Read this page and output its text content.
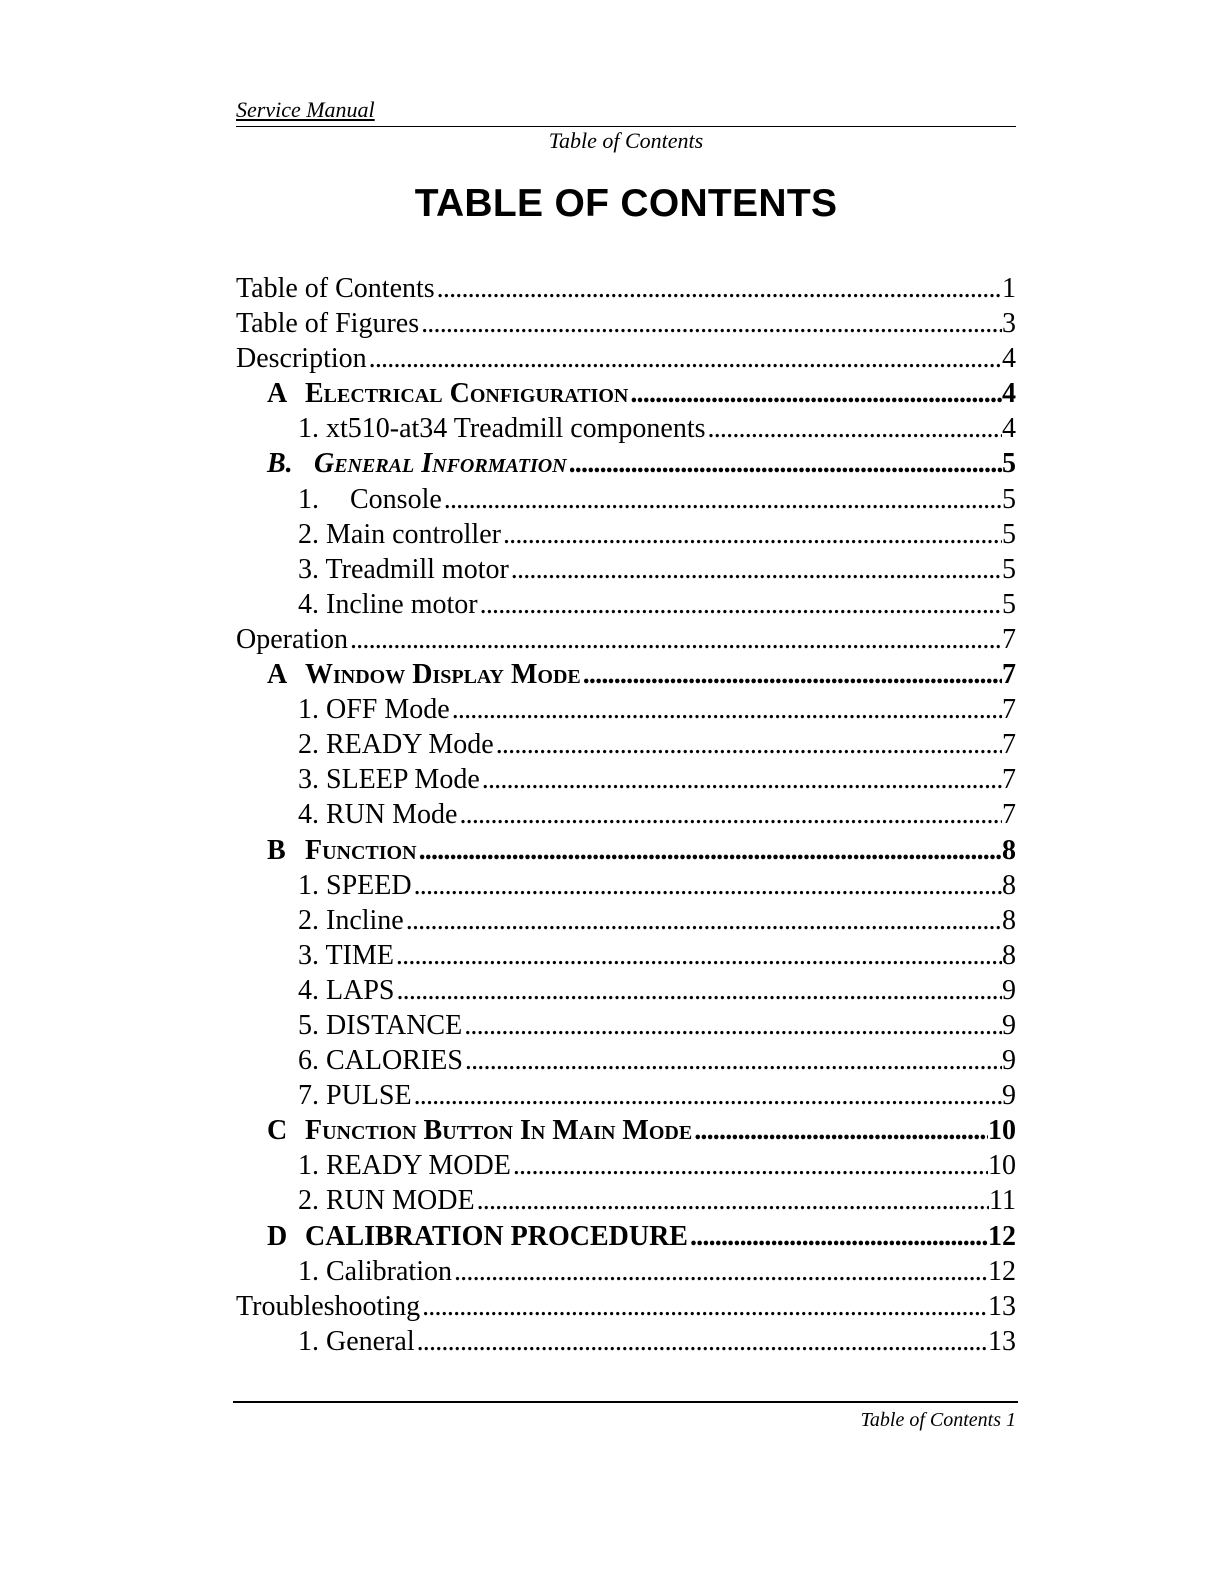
Service Manual
Table of Contents
TABLE OF CONTENTS
Table of Contents . . .	1
Table of Figures . . .	3
Description . . .	4
A Electrical Configuration . . .	4
1. xt510-at34 Treadmill components . . .	4
B. General Information . . .	5
1. Console . . .	5
2. Main controller . . .	5
3. Treadmill motor . . .	5
4. Incline motor . . .	5
Operation . . .	7
A Window Display Mode . . .	7
1. OFF Mode . . .	7
2. READY Mode . . .	7
3. SLEEP Mode . . .	7
4. RUN Mode . . .	7
B Function . . .	8
1. SPEED . . .	8
2. Incline . . .	8
3. TIME . . .	8
4. LAPS . . .	9
5. DISTANCE . . .	9
6. CALORIES . . .	9
7. PULSE . . .	9
C Function Button In Main Mode . . .	10
1. READY MODE . . .	10
2. RUN MODE . . .	11
D CALIBRATION PROCEDURE . . .	12
1. Calibration . . .	12
Troubleshooting . . .	13
1. General . . .	13
Table of Contents 1
